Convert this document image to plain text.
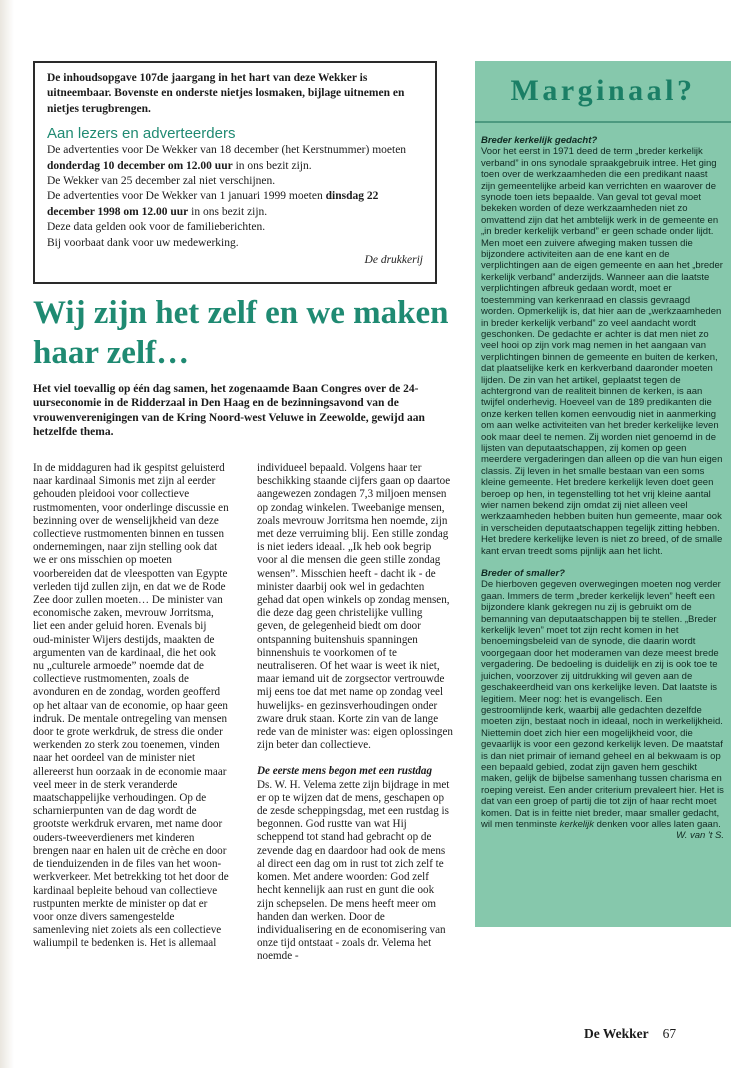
De inhoudsopgave 107de jaargang in het hart van deze Wekker is uitneembaar. Bovenste en onderste nietjes losmaken, bijlage uitnemen en nietjes terugbrengen.

Aan lezers en adverteerders

De advertenties voor De Wekker van 18 december (het Kerstnummer) moeten donderdag 10 december om 12.00 uur in ons bezit zijn.

De Wekker van 25 december zal niet verschijnen.

De advertenties voor De Wekker van 1 januari 1999 moeten dinsdag 22 december 1998 om 12.00 uur in ons bezit zijn.

Deze data gelden ook voor de familieberichten.

Bij voorbaat dank voor uw medewerking.

De drukkerij

Wij zijn het zelf en we maken haar zelf…

Het viel toevallig op één dag samen, het zogenaamde Baan Congres over de 24-uurseconomie in de Ridderzaal in Den Haag en de bezinningsavond van de vrouwenverenigingen van de Kring Noord-west Veluwe in Zeewolde, gewijd aan hetzelfde thema.

In de middaguren had ik gespitst geluisterd naar kardinaal Simonis met zijn al eerder gehouden pleidooi voor collectieve rustmomenten, voor onderlinge discussie en bezinning over de wenselijkheid van deze collectieve rustmomenten binnen en tussen ondernemingen, naar zijn stelling ook dat we er ons misschien op moeten voorbereiden dat de vleespotten van Egypte verleden tijd zullen zijn, en dat we de Rode Zee door zullen moeten… De minister van economische zaken, mevrouw Jorritsma, liet een ander geluid horen. Evenals bij oud-minister Wijers destijds, maakten de argumenten van de kardinaal, die het ook nu „culturele armoede” noemde dat de collectieve rustmomenten, zoals de avonduren en de zondag, worden geofferd op het altaar van de economie, op haar geen indruk. De mentale ontregeling van mensen door te grote werkdruk, de stress die onder werkenden zo sterk zou toenemen, vinden naar het oordeel van de minister niet allereerst hun oorzaak in de economie maar veel meer in de sterk veranderde maatschappelijke verhoudingen. Op de scharnierpunten van de dag wordt de grootste werkdruk ervaren, met name door ouders-tweeverdieners met kinderen brengen naar en halen uit de crèche en door de tienduizenden in de files van het woon-werkverkeer. Met betrekking tot het door de kardinaal bepleite behoud van collectieve rustpunten merkte de minister op dat er voor onze divers samengestelde samenleving niet zoiets als een collectieve waliumpil te bedenken is. Het is allemaal

individueel bepaald. Volgens haar ter beschikking staande cijfers gaan op daartoe aangewezen zondagen 7,3 miljoen mensen op zondag winkelen. Tweebanige mensen, zoals mevrouw Jorritsma hen noemde, zijn met deze verruiming blij. Een stille zondag is niet ieders ideaal. „Ik heb ook begrip voor al die mensen die geen stille zondag wensen”. Misschien heeft - dacht ik - de minister daarbij ook wel in gedachten gehad dat open winkels op zondag mensen, die deze dag geen christelijke vulling geven, de gelegenheid biedt om door ontspanning buitenshuis spanningen binnenshuis te voorkomen of te neutraliseren. Of het waar is weet ik niet, maar iemand uit de zorgsector vertrouwde mij eens toe dat met name op zondag veel huwelijks- en gezinsverhoudingen onder zware druk staan. Korte zin van de lange rede van de minister was: eigen oplossingen zijn beter dan collectieve.

De eerste mens begon met een rustdag

Ds. W. H. Velema zette zijn bijdrage in met er op te wijzen dat de mens, geschapen op de zesde scheppingsdag, met een rustdag is begonnen. God rustte van wat Hij scheppend tot stand had gebracht op de zevende dag en daardoor had ook de mens al direct een dag om in rust tot zich zelf te komen. Met andere woorden: God zelf hecht kennelijk aan rust en gunt die ook zijn schepselen. De mens heeft meer om handen dan werken. Door de individualisering en de economisering van onze tijd ontstaat - zoals dr. Velema het noemde -

Marginaal?

Breder kerkelijk gedacht?

Voor het eerst in 1971 deed de term „breder kerkelijk verband” in ons synodale spraakgebruik intree. Het ging toen over de werkzaamheden die een predikant naast zijn gemeentelijke arbeid kan verrichten en waarover de synode toen iets bepaalde. Van geval tot geval moet bekeken worden of deze werkzaamheden niet zo omvattend zijn dat het ambtelijk werk in de gemeente en „in breder kerkelijk verband” er geen schade onder lijdt. Men moet een zuivere afweging maken tussen die bijzondere activiteiten aan de ene kant en de verplichtingen aan de eigen gemeente en aan het „breder kerkelijk verband” anderzijds. Wanneer aan die laatste verplichtingen afbreuk gedaan wordt, moet er toestemming van kerkenraad en classis gevraagd worden. Opmerkelijk is, dat hier aan de „werkzaamheden in breder kerkelijk verband” zo veel aandacht wordt geschonken. De gedachte er achter is dat men niet zo veel hooi op zijn vork mag nemen in het aangaan van verplichtingen binnen de gemeente en buiten de kerken, dat plaatselijke kerk en kerkverband daaronder moeten lijden. De zin van het artikel, geplaatst tegen de achtergrond van de realiteit binnen de kerken, is aan twijfel onderhevig. Hoeveel van de 189 predikanten die onze kerken tellen komen eenvoudig niet in aanmerking om aan welke activiteiten van het breder kerkelijke leven ook maar deel te nemen. Zij worden niet genoemd in de lijsten van deputaatschappen, zij komen op geen meerdere vergaderingen dan alleen op die van hun eigen classis. Zij leven in het smalle bestaan van een soms kleine gemeente. Het bredere kerkelijk leven doet geen beroep op hen, in tegenstelling tot het vrij kleine aantal wier namen bekend zijn omdat zij niet alleen veel werkzaamheden hebben buiten hun gemeente, maar ook in verscheiden deputaatschappen tegelijk zitting hebben. Het bredere kerkelijke leven is niet zo breed, of de smalle kant ervan treedt soms pijnlijk aan het licht.

Breder of smaller?

De hierboven gegeven overwegingen moeten nog verder gaan. Immers de term „breder kerkelijk leven” heeft een bijzondere klank gekregen nu zij is gebruikt om de bemanning van deputaatschappen bij te stellen. „Breder kerkelijk leven” moet tot zijn recht komen in het benoemingsbeleid van de synode, die daarin wordt voorgegaan door het moderamen van deze meest brede vergadering. De bedoeling is duidelijk en zij is ook toe te juichen, voorzover zij uitdrukking wil geven aan de geschakeerdheid van ons kerkelijke leven. Dat laatste is legitiem. Meer nog: het is evangelisch. Een gestroomlijnde kerk, waarbij alle gedachten dezelfde moeten zijn, bestaat noch in ideaal, noch in werkelijkheid. Niettemin doet zich hier een mogelijkheid voor, die gevaarlijk is voor een gezond kerkelijk leven. De maatstaf is dan niet primair of iemand geheel en al bekwaam is op een bepaald gebied, zodat zijn gaven hem geschikt maken, gelijk de bijbelse samenhang tussen charisma en roeping vereist. Een ander criterium prevaleert hier. Het is dat van een groep of partij die tot zijn of haar recht moet komen. Dat is in feitte niet breder, maar smaller gedacht, wil men tenminste kerkelijk denken voor alles laten gaan.

W. van 't S.

De Wekker 67
